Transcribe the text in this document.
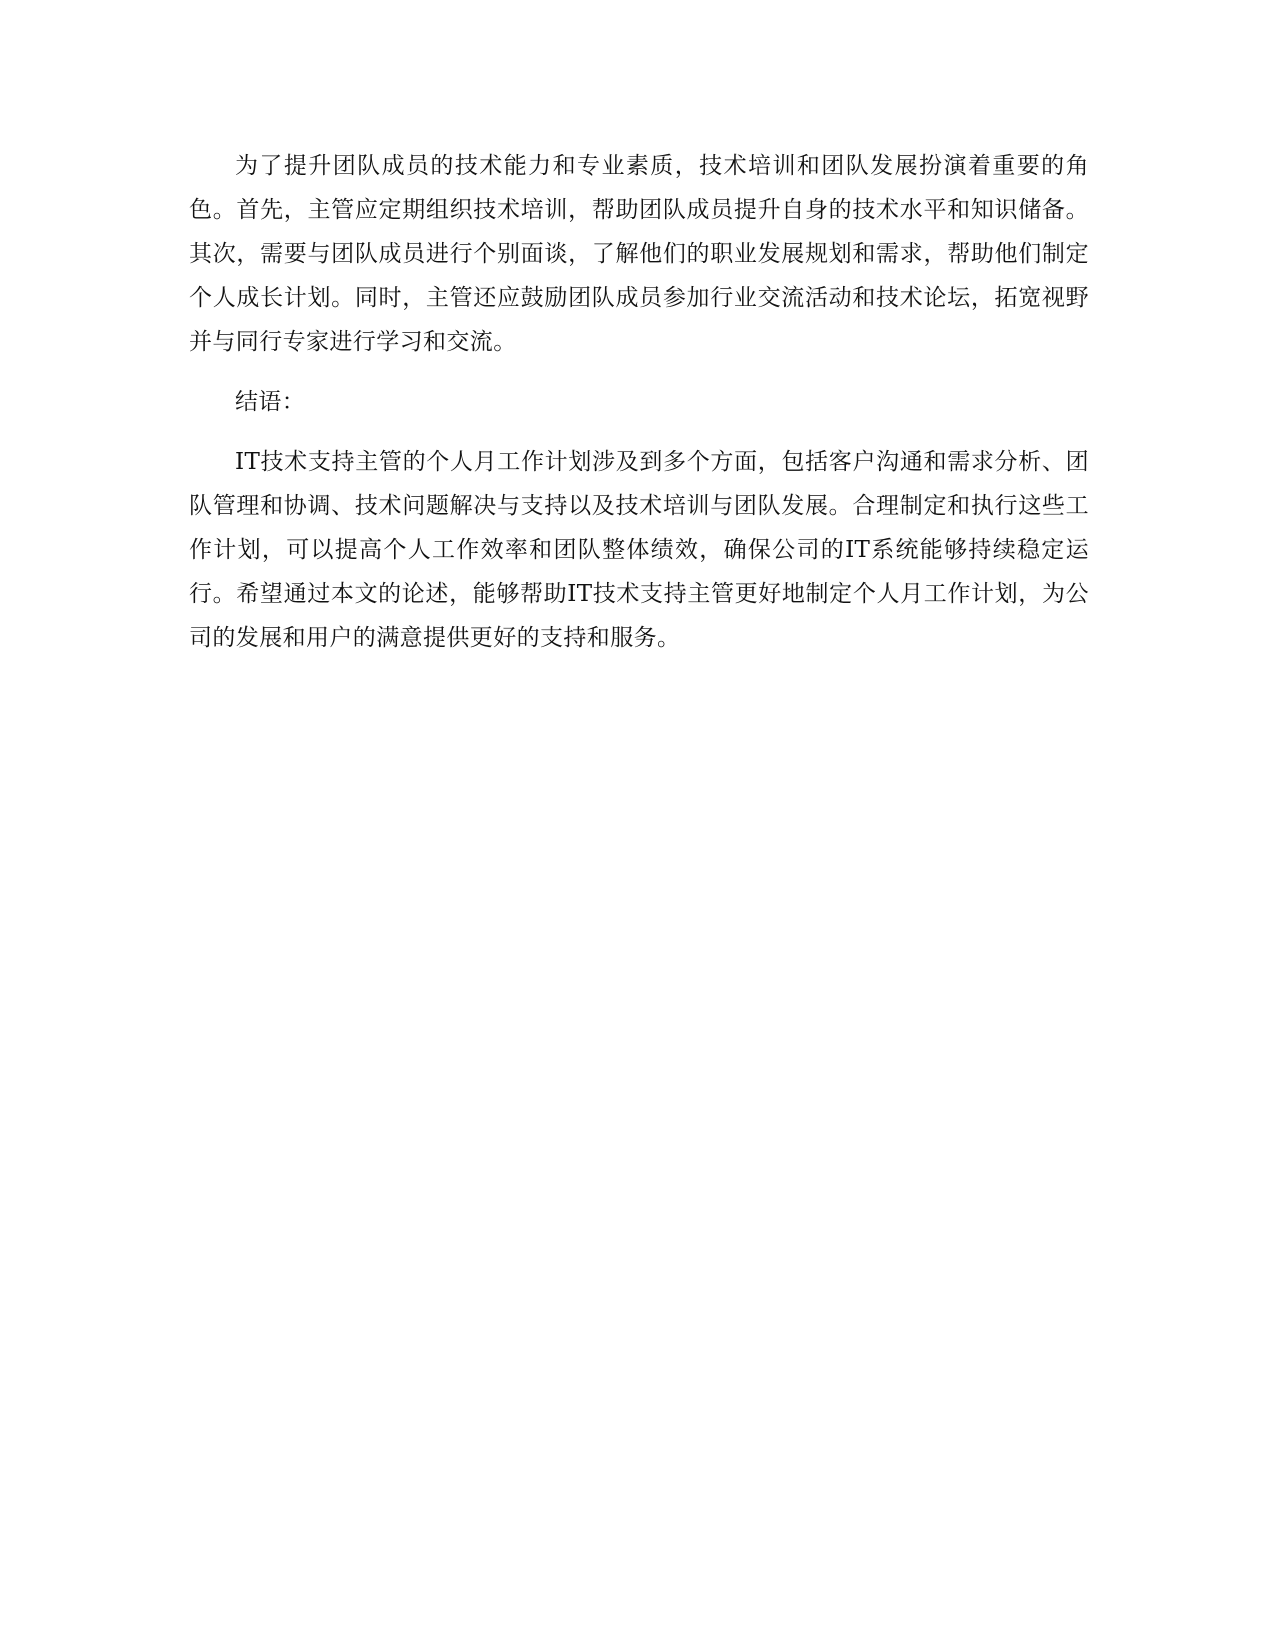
为了提升团队成员的技术能力和专业素质，技术培训和团队发展扮演着重要的角色。首先，主管应定期组织技术培训，帮助团队成员提升自身的技术水平和知识储备。其次，需要与团队成员进行个别面谈，了解他们的职业发展规划和需求，帮助他们制定个人成长计划。同时，主管还应鼓励团队成员参加行业交流活动和技术论坛，拓宽视野并与同行专家进行学习和交流。

结语：

IT技术支持主管的个人月工作计划涉及到多个方面，包括客户沟通和需求分析、团队管理和协调、技术问题解决与支持以及技术培训与团队发展。合理制定和执行这些工作计划，可以提高个人工作效率和团队整体绩效，确保公司的IT系统能够持续稳定运行。希望通过本文的论述，能够帮助IT技术支持主管更好地制定个人月工作计划，为公司的发展和用户的满意提供更好的支持和服务。
